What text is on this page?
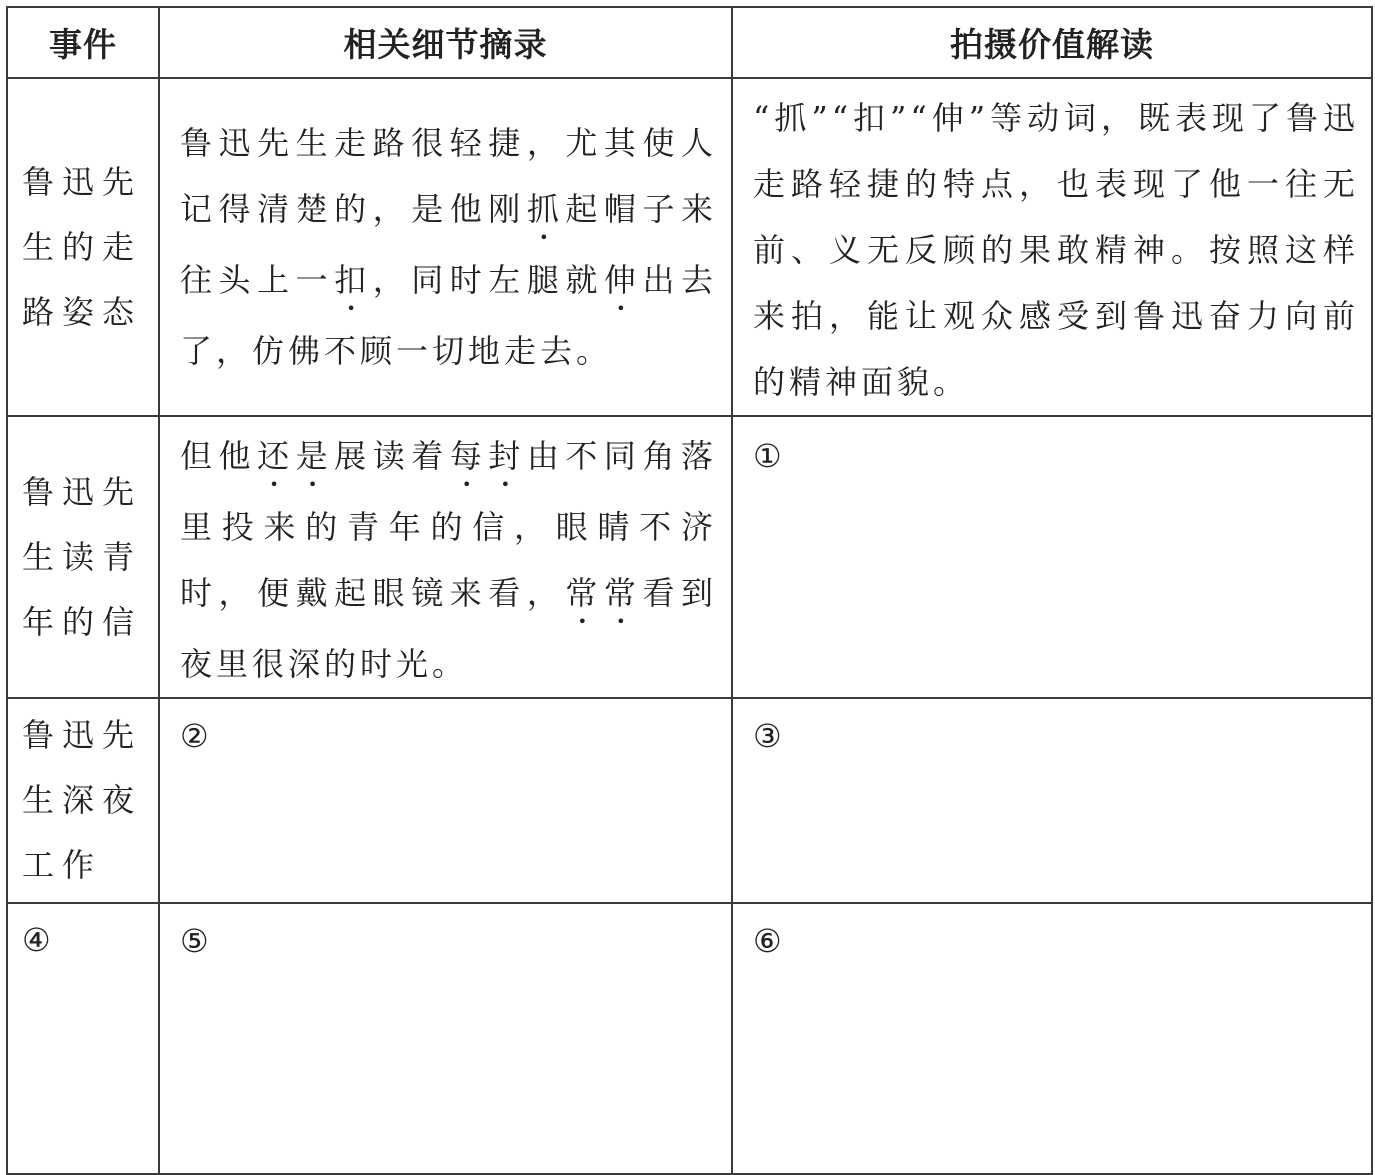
事件	相关细节摘录	拍摄价值解读

鲁迅先生的走路姿态	鲁迅先生走路很轻捷，尤其使人记得清楚的，是他刚抓起帽子来往头上一扣，同时左腿就伸出去了，仿佛不顾一切地走去。	“抓”“扣”“伸”等动词，既表现了鲁迅走路轻捷的特点，也表现了他一往无前、义无反顾的果敢精神。按照这样来拍，能让观众感受到鲁迅奋力向前的精神面貌。

鲁迅先生读青年的信	但他还是展读着每封由不同角落里投来的青年的信，眼睛不济时，便戴起眼镜来看，常常看到夜里很深的时光。	①

鲁迅先生深夜工作	②	③
④	⑤	⑥
